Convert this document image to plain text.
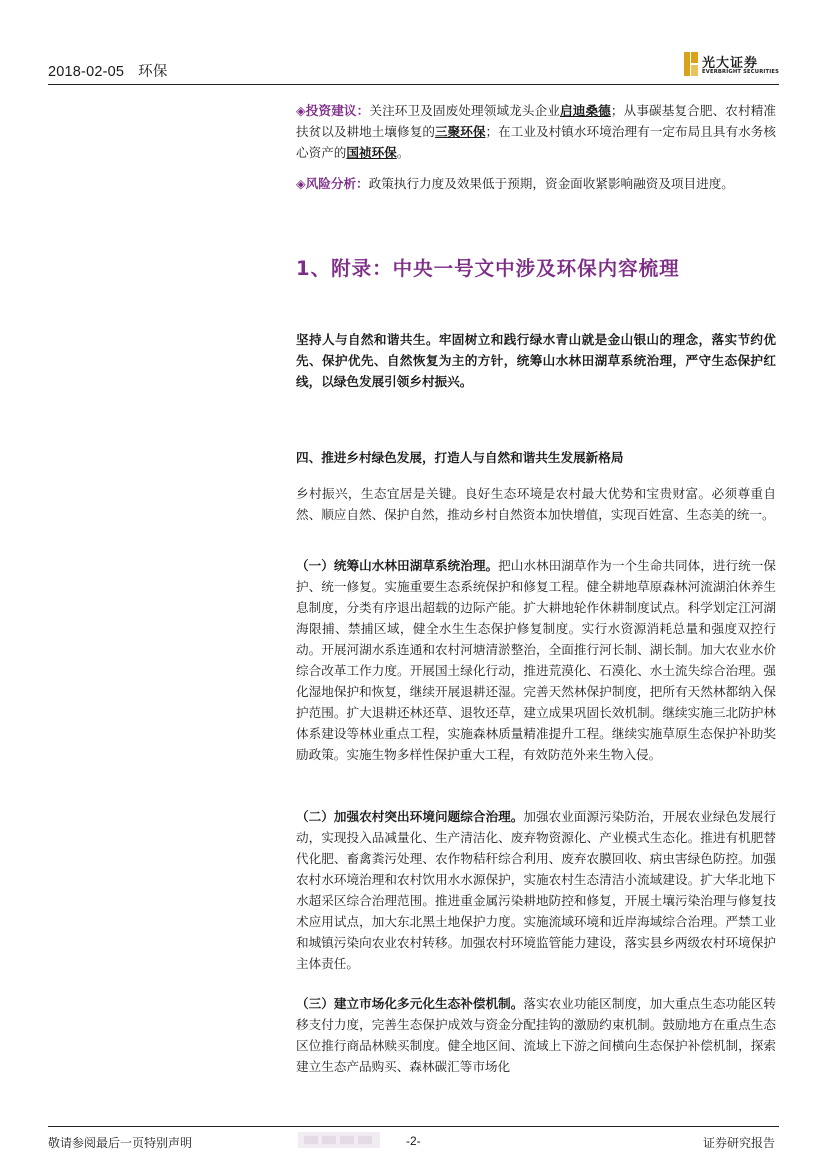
2018-02-05 环保
光大证券
EVERBRIGHT SECURITIES

◈投资建议：关注环卫及固废处理领域龙头企业启迪桑德；从事碳基复合肥、农村精准扶贫以及耕地土壤修复的三聚环保；在工业及村镇水环境治理有一定布局且具有水务核心资产的国祯环保。

◈风险分析：政策执行力度及效果低于预期，资金面收紧影响融资及项目进度。

1、附录：中央一号文中涉及环保内容梳理

坚持人与自然和谐共生。牢固树立和践行绿水青山就是金山银山的理念，落实节约优先、保护优先、自然恢复为主的方针，统筹山水林田湖草系统治理，严守生态保护红线，以绿色发展引领乡村振兴。

四、推进乡村绿色发展，打造人与自然和谐共生发展新格局

乡村振兴，生态宜居是关键。良好生态环境是农村最大优势和宝贵财富。必须尊重自然、顺应自然、保护自然，推动乡村自然资本加快增值，实现百姓富、生态美的统一。

（一）统筹山水林田湖草系统治理。把山水林田湖草作为一个生命共同体，进行统一保护、统一修复。实施重要生态系统保护和修复工程。健全耕地草原森林河流湖泊休养生息制度，分类有序退出超载的边际产能。扩大耕地轮作休耕制度试点。科学划定江河湖海限捕、禁捕区域，健全水生生态保护修复制度。实行水资源消耗总量和强度双控行动。开展河湖水系连通和农村河塘清淤整治，全面推行河长制、湖长制。加大农业水价综合改革工作力度。开展国土绿化行动，推进荒漠化、石漠化、水土流失综合治理。强化湿地保护和恢复，继续开展退耕还湿。完善天然林保护制度，把所有天然林都纳入保护范围。扩大退耕还林还草、退牧还草，建立成果巩固长效机制。继续实施三北防护林体系建设等林业重点工程，实施森林质量精准提升工程。继续实施草原生态保护补助奖励政策。实施生物多样性保护重大工程，有效防范外来生物入侵。

（二）加强农村突出环境问题综合治理。加强农业面源污染防治，开展农业绿色发展行动，实现投入品减量化、生产清洁化、废弃物资源化、产业模式生态化。推进有机肥替代化肥、畜禽粪污处理、农作物秸秆综合利用、废弃农膜回收、病虫害绿色防控。加强农村水环境治理和农村饮用水水源保护，实施农村生态清洁小流域建设。扩大华北地下水超采区综合治理范围。推进重金属污染耕地防控和修复，开展土壤污染治理与修复技术应用试点，加大东北黑土地保护力度。实施流域环境和近岸海域综合治理。严禁工业和城镇污染向农业农村转移。加强农村环境监管能力建设，落实县乡两级农村环境保护主体责任。

（三）建立市场化多元化生态补偿机制。落实农业功能区制度，加大重点生态功能区转移支付力度，完善生态保护成效与资金分配挂钩的激励约束机制。鼓励地方在重点生态区位推行商品林赎买制度。健全地区间、流域上下游之间横向生态保护补偿机制，探索建立生态产品购买、森林碳汇等市场化

敬请参阅最后一页特别声明	-2-	证券研究报告
